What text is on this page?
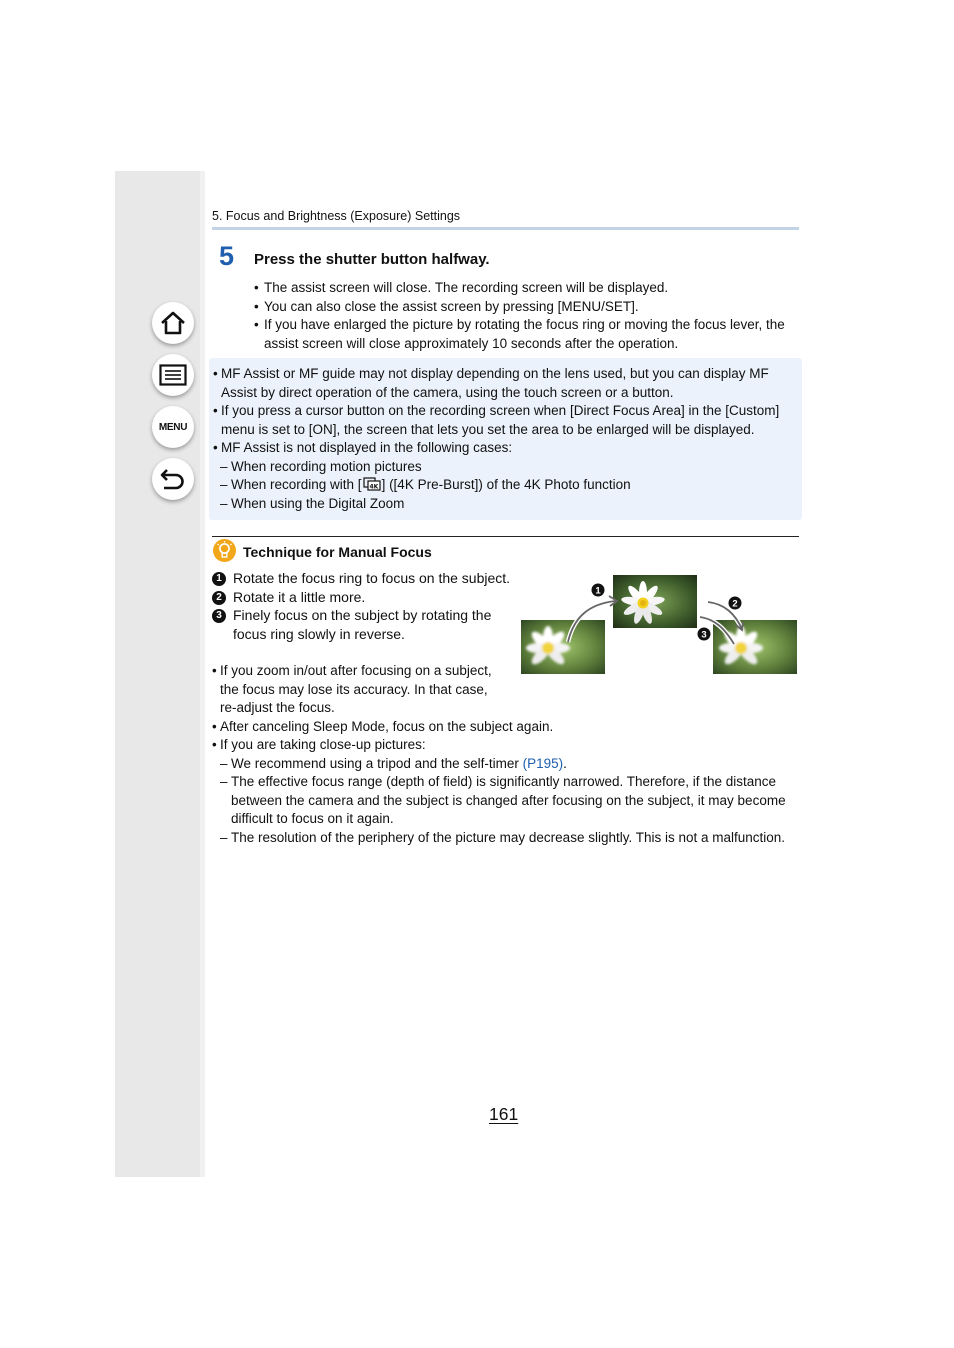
MENU
5. Focus and Brightness (Exposure) Settings
5 Press the shutter button halfway.
• The assist screen will close. The recording screen will be displayed.
• You can also close the assist screen by pressing [MENU/SET].
• If you have enlarged the picture by rotating the focus ring or moving the focus lever, the assist screen will close approximately 10 seconds after the operation.
• MF Assist or MF guide may not display depending on the lens used, but you can display MF Assist by direct operation of the camera, using the touch screen or a button.
• If you press a cursor button on the recording screen when [Direct Focus Area] in the [Custom] menu is set to [ON], the screen that lets you set the area to be enlarged will be displayed.
• MF Assist is not displayed in the following cases:
– When recording motion pictures
– When recording with [ 4K ] ([4K Pre-Burst]) of the 4K Photo function
– When using the Digital Zoom
Technique for Manual Focus
1 Rotate the focus ring to focus on the subject.
2 Rotate it a little more.
3 Finely focus on the subject by rotating the focus ring slowly in reverse.
1
2
3
• If you zoom in/out after focusing on a subject, the focus may lose its accuracy. In that case, re-adjust the focus.
• After canceling Sleep Mode, focus on the subject again.
• If you are taking close-up pictures:
– We recommend using a tripod and the self-timer (P195).
– The effective focus range (depth of field) is significantly narrowed. Therefore, if the distance between the camera and the subject is changed after focusing on the subject, it may become difficult to focus on it again.
– The resolution of the periphery of the picture may decrease slightly. This is not a malfunction.
161
